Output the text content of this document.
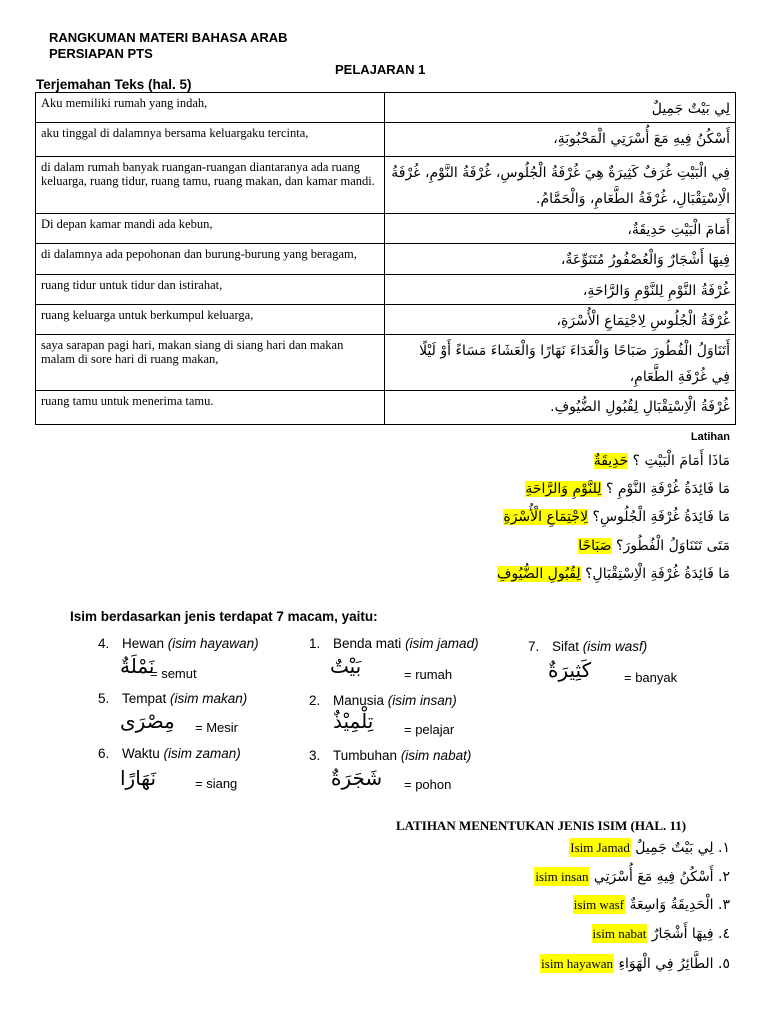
RANGKUMAN MATERI BAHASA ARAB
PERSIAPAN PTS
PELAJARAN 1
Terjemahan Teks (hal. 5)
Aku memiliki rumah yang indah,	لِي بَيْتٌ جَمِيلٌ

aku tinggal di dalamnya bersama keluargaku tercinta,	أَسْكُنُ فِيهِ مَعَ أُسْرَتِي الْمَحْبُوبَةِ،

di dalam rumah banyak ruangan-ruangan diantaranya ada ruang keluarga, ruang tidur, ruang tamu, ruang makan, dan kamar mandi.	فِي الْبَيْتِ غُرَفٌ كَثِيرَةٌ هِيَ غُرْفَةُ الْجُلُوسِ، غُرْفَةُ النَّوْمِ، غُرْفَةُ
الْاِسْتِقْبَالِ، غُرْفَةُ الطَّعَامِ، وَالْحَمَّامُ.

Di depan kamar mandi ada kebun,	أَمَامَ الْبَيْتِ حَدِيقَةٌ،

di dalamnya ada pepohonan dan burung-burung yang beragam,	فِيهَا أَشْجَارٌ وَالْعُصْفُورُ مُتَنَوِّعَةٌ،

ruang tidur untuk tidur dan istirahat,	غُرْفَةُ النَّوْمِ لِلنَّوْمِ وَالرَّاحَةِ،

ruang keluarga untuk berkumpul keluarga,	غُرْفَةُ الْجُلُوسِ لِاجْتِمَاعِ الْأُسْرَةِ،

saya sarapan pagi hari, makan siang di siang hari dan makan malam di sore hari di ruang makan,	أَتَنَاوَلُ الْفُطُورَ صَبَاحًا وَالْغَدَاءَ نَهَارًا وَالْعَشَاءَ مَسَاءً أَوْ لَيْلًا
فِي غُرْفَةِ الطَّعَامِ،

ruang tamu untuk menerima tamu.	غُرْفَةُ الْاِسْتِقْبَالِ لِقُبُولِ الضُّيُوفِ.
Latihan
مَاذَا أَمَامَ الْبَيْتِ ؟ حَدِيقَةٌ
مَا فَائِدَةُ غُرْفَةِ النَّوْمِ ؟ لِلنَّوْمِ وَالرَّاحَةِ
مَا فَائِدَةُ غُرْفَةِ الْجُلُوسِ؟ لِاجْتِمَاعِ الْأُسْرَةِ
مَتَى تَتَنَاوَلُ الْفُطُورَ؟ صَبَاحًا
مَا فَائِدَةُ غُرْفَةِ الْاِسْتِقْبَالِ؟ لِقُبُولِ الضُّيُوفِ
Isim berdasarkan jenis terdapat 7 macam, yaitu:
4. Hewan (isim hayawan)
نَمْلَةٌ
= semut
5. Tempat (isim makan)
مِصْرَى = Mesir
6. Waktu (isim zaman)
نَهَارًا	= siang
1. Benda mati (isim jamad)
بَيْتٌ	= rumah
2. Manusia (isim insan)
تِلْمِيْذٌ = pelajar
3. Tumbuhan (isim nabat)
شَجَرَةٌ = pohon
7. Sifat (isim wasf)
كَثِيرَةٌ	= banyak
LATIHAN MENENTUKAN JENIS ISIM (HAL. 11)
Isim Jamad ١. لِي بَيْتٌ جَمِيلٌ
isim insan ٢. أَسْكُنُ فِيهِ مَعَ أُسْرَتِي
isim wasf ٣. الْحَدِيقَةُ وَاسِعَةٌ
isim nabat ٤. فِيهَا أَشْجَارٌ
isim hayawan ٥. الطَّائِرُ فِي الْهَوَاءِ
